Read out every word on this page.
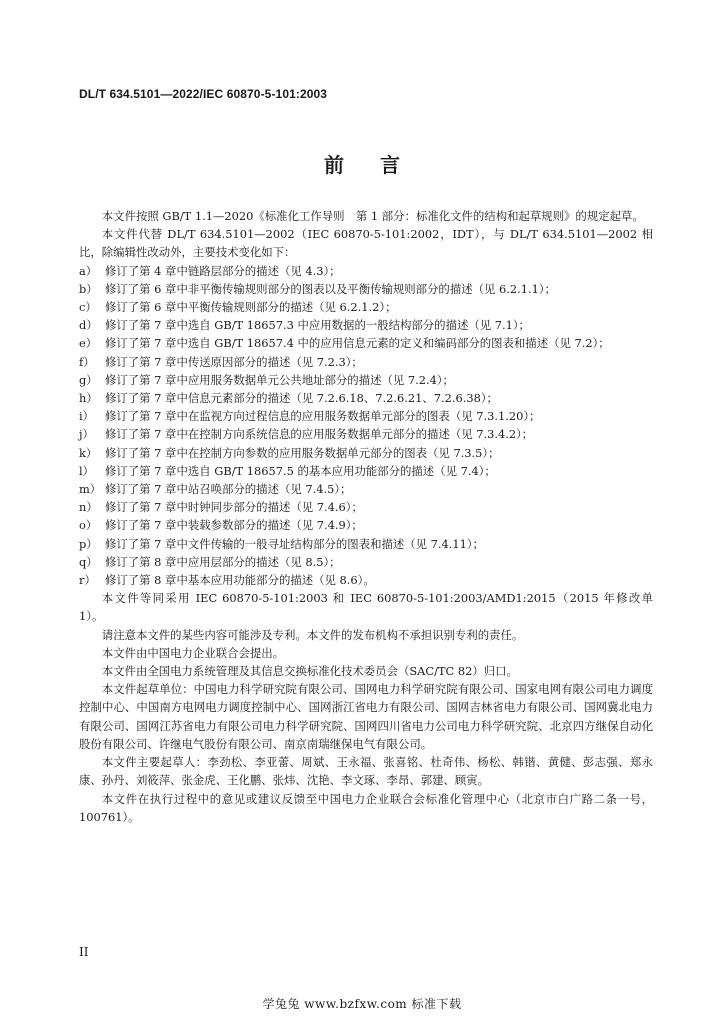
DL/T 634.5101—2022/IEC 60870-5-101:2003
前言

本文件按照 GB/T 1.1—2020《标准化工作导则　第 1 部分：标准化文件的结构和起草规则》的规定起草。

本文件代替 DL/T 634.5101—2002（IEC 60870-5-101:2002，IDT），与 DL/T 634.5101—2002 相比，除编辑性改动外，主要技术变化如下：

a） 修订了第 4 章中链路层部分的描述（见 4.3）；
b） 修订了第 6 章中非平衡传输规则部分的图表以及平衡传输规则部分的描述（见 6.2.1.1）；
c） 修订了第 6 章中平衡传输规则部分的描述（见 6.2.1.2）；
d） 修订了第 7 章中选自 GB/T 18657.3 中应用数据的一般结构部分的描述（见 7.1）；
e） 修订了第 7 章中选自 GB/T 18657.4 中的应用信息元素的定义和编码部分的图表和描述（见 7.2）；
f） 修订了第 7 章中传送原因部分的描述（见 7.2.3）；
g） 修订了第 7 章中应用服务数据单元公共地址部分的描述（见 7.2.4）；
h） 修订了第 7 章中信息元素部分的描述（见 7.2.6.18、7.2.6.21、7.2.6.38）；
i） 修订了第 7 章中在监视方向过程信息的应用服务数据单元部分的图表（见 7.3.1.20）；
j） 修订了第 7 章中在控制方向系统信息的应用服务数据单元部分的描述（见 7.3.4.2）；
k） 修订了第 7 章中在控制方向参数的应用服务数据单元部分的图表（见 7.3.5）；
l） 修订了第 7 章中选自 GB/T 18657.5 的基本应用功能部分的描述（见 7.4）；
m） 修订了第 7 章中站召唤部分的描述（见 7.4.5）；
n） 修订了第 7 章中时钟同步部分的描述（见 7.4.6）；
o） 修订了第 7 章中装载参数部分的描述（见 7.4.9）；
p） 修订了第 7 章中文件传输的一般寻址结构部分的图表和描述（见 7.4.11）；
q） 修订了第 8 章中应用层部分的描述（见 8.5）；
r） 修订了第 8 章中基本应用功能部分的描述（见 8.6）。

本文件等同采用 IEC 60870-5-101:2003 和 IEC 60870-5-101:2003/AMD1:2015（2015 年修改单 1）。

请注意本文件的某些内容可能涉及专利。本文件的发布机构不承担识别专利的责任。

本文件由中国电力企业联合会提出。

本文件由全国电力系统管理及其信息交换标准化技术委员会（SAC/TC 82）归口。

本文件起草单位：中国电力科学研究院有限公司、国网电力科学研究院有限公司、国家电网有限公司电力调度控制中心、中国南方电网电力调度控制中心、国网浙江省电力有限公司、国网吉林省电力有限公司、国网冀北电力有限公司、国网江苏省电力有限公司电力科学研究院、国网四川省电力公司电力科学研究院、北京四方继保自动化股份有限公司、许继电气股份有限公司、南京南瑞继保电气有限公司。

本文件主要起草人：李劲松、李亚蕾、周斌、王永福、张喜铭、杜奇伟、杨松、韩锴、黄健、彭志强、郑永康、孙丹、刘筱萍、张金虎、王化鹏、张炜、沈艳、李文琢、李昂、郭建、顾寅。

本文件在执行过程中的意见或建议反馈至中国电力企业联合会标准化管理中心（北京市白广路二条一号，100761）。

II
学兔兔 www.bzfxw.com 标准下载
